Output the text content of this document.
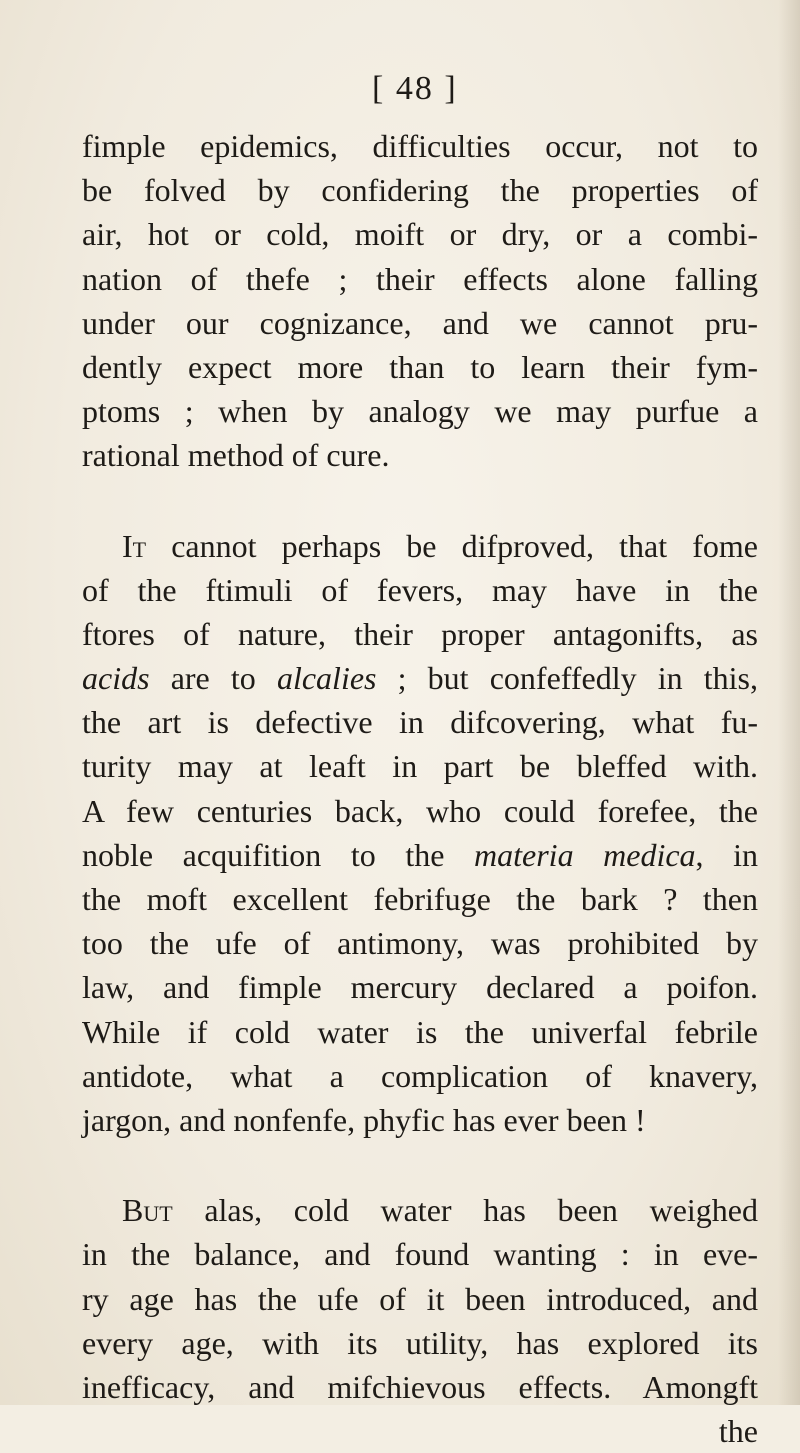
[ 48 ]
fimple epidemics, difficulties occur, not to
be folved by confidering the properties of
air, hot or cold, moift or dry, or a combi-
nation of thefe ; their effects alone falling
under our cognizance, and we cannot pru-
dently expect more than to learn their fym-
ptoms ; when by analogy we may purfue a
rational method of cure.
It cannot perhaps be difproved, that fome
of the ftimuli of fevers, may have in the
ftores of nature, their proper antagonifts, as
acids are to alcalies ; but confeffedly in this,
the art is defective in difcovering, what fu-
turity may at leaft in part be bleffed with.
A few centuries back, who could forefee, the
noble acquifition to the materia medica, in
the moft excellent febrifuge the bark ? then
too the ufe of antimony, was prohibited by
law, and fimple mercury declared a poifon.
While if cold water is the univerfal febrile
antidote, what a complication of knavery,
jargon, and nonfenfe, phyfic has ever been !
But alas, cold water has been weighed
in the balance, and found wanting : in eve-
ry age has the ufe of it been introduced, and
every age, with its utility, has explored its
inefficacy, and mifchievous effects. Amongft
the
